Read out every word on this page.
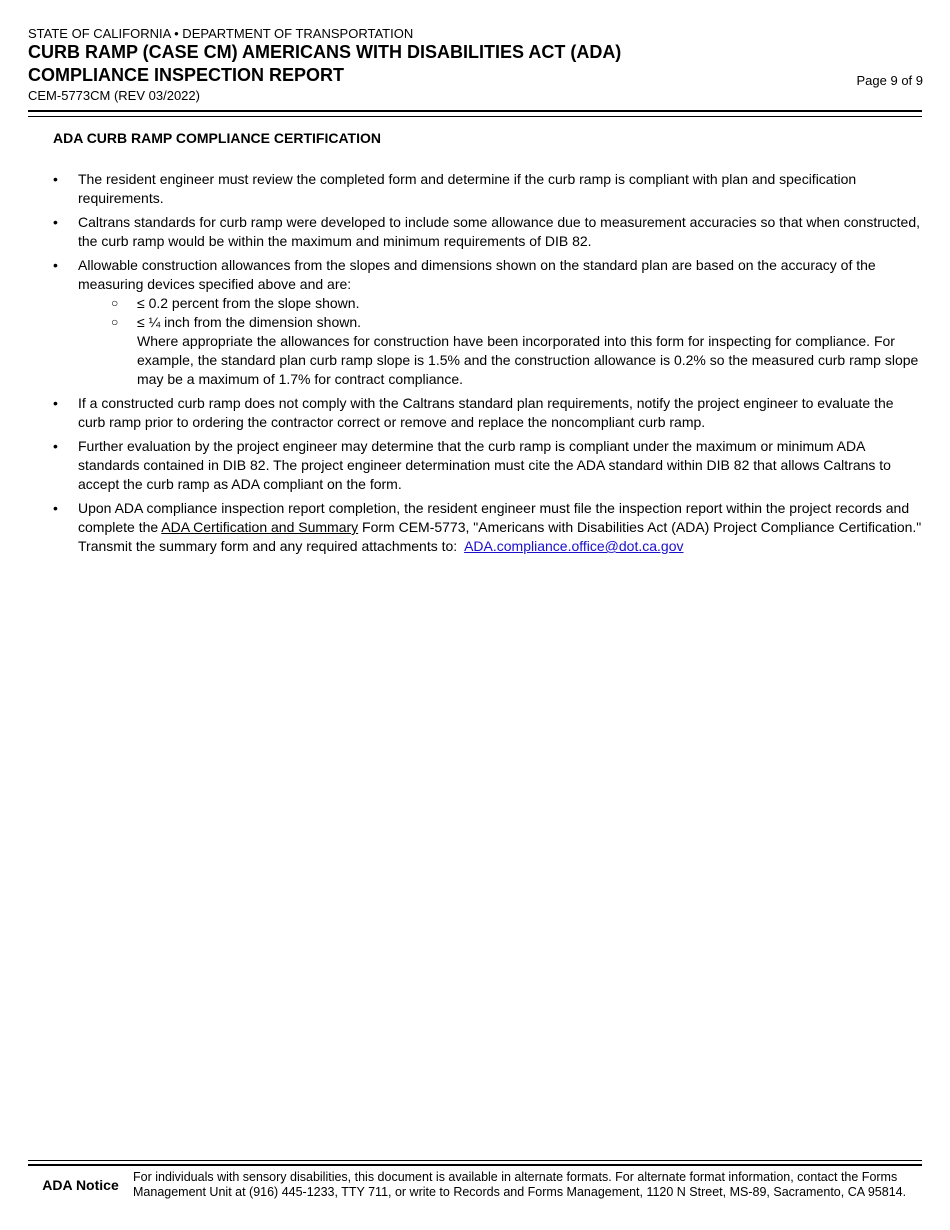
STATE OF CALIFORNIA • DEPARTMENT OF TRANSPORTATION
CURB RAMP (CASE CM) AMERICANS WITH DISABILITIES ACT (ADA)
COMPLIANCE INSPECTION REPORT
CEM-5773CM (REV 03/2022)
Page 9 of 9
ADA CURB RAMP COMPLIANCE CERTIFICATION
• The resident engineer must review the completed form and determine if the curb ramp is compliant with plan and specification requirements.
• Caltrans standards for curb ramp were developed to include some allowance due to measurement accuracies so that when constructed, the curb ramp would be within the maximum and minimum requirements of DIB 82.
• Allowable construction allowances from the slopes and dimensions shown on the standard plan are based on the accuracy of the measuring devices specified above and are:
○ ≤ 0.2 percent from the slope shown.
○ ≤ ¼ inch from the dimension shown.
Where appropriate the allowances for construction have been incorporated into this form for inspecting for compliance. For example, the standard plan curb ramp slope is 1.5% and the construction allowance is 0.2% so the measured curb ramp slope may be a maximum of 1.7% for contract compliance.
• If a constructed curb ramp does not comply with the Caltrans standard plan requirements, notify the project engineer to evaluate the curb ramp prior to ordering the contractor correct or remove and replace the noncompliant curb ramp.
• Further evaluation by the project engineer may determine that the curb ramp is compliant under the maximum or minimum ADA standards contained in DIB 82. The project engineer determination must cite the ADA standard within DIB 82 that allows Caltrans to accept the curb ramp as ADA compliant on the form.
• Upon ADA compliance inspection report completion, the resident engineer must file the inspection report within the project records and complete the ADA Certification and Summary Form CEM-5773, "Americans with Disabilities Act (ADA) Project Compliance Certification." Transmit the summary form and any required attachments to: ADA.compliance.office@dot.ca.gov
ADA Notice	For individuals with sensory disabilities, this document is available in alternate formats. For alternate format information, contact the Forms Management Unit at (916) 445-1233, TTY 711, or write to Records and Forms Management, 1120 N Street, MS-89, Sacramento, CA 95814.
